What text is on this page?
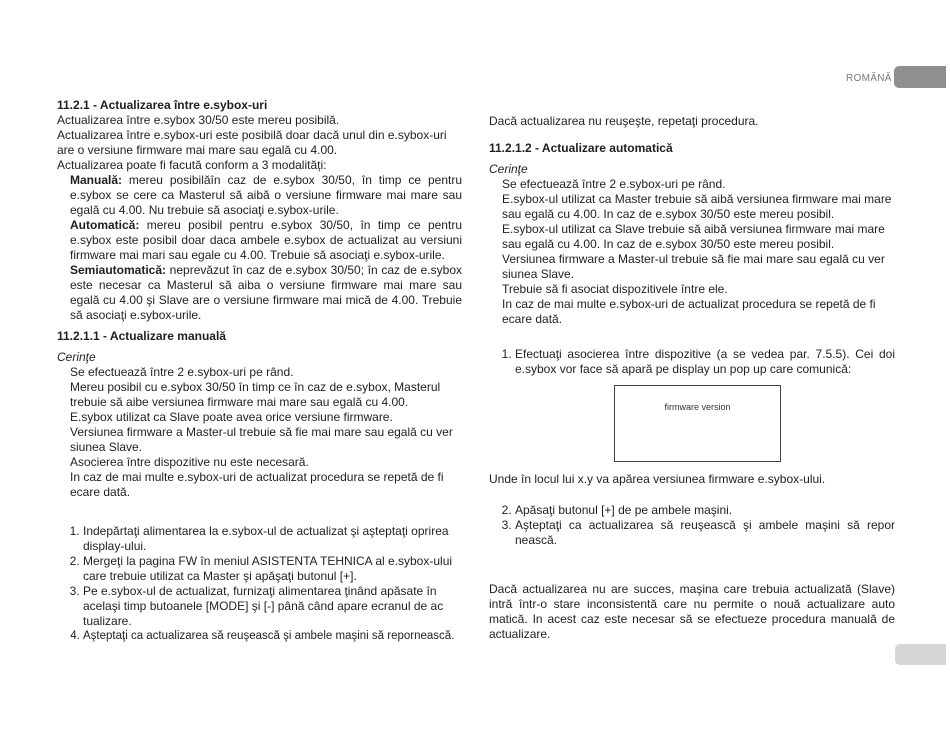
ROMÂNĂ
11.2.1 - Actualizarea între e.sybox-uri
Actualizarea între e.sybox 30/50 este mereu posibilă.
Actualizarea între e.sybox-uri este posibilă doar dacă unul din e.sybox-uri are o versiune firmware mai mare sau egală cu 4.00.
Actualizarea poate fi facută conform a 3 modalități:
Manuală: mereu posibilăîn caz de e.sybox 30/50, în timp ce pentru e.sybox se cere ca Masterul să aibă o versiune firmware mai mare sau egală cu 4.00. Nu trebuie să asociaţi e.sybox-urile.
Automatică: mereu posibil pentru e.sybox 30/50, în timp ce pentru e.sybox este posibil doar daca ambele e.sybox de actualizat au versiuni firmware mai mari sau egale cu 4.00. Trebuie să asociaţi e.sybox-urile.
Semiautomatică: neprevăzut în caz de e.sybox 30/50; în caz de e.sybox este necesar ca Masterul să aiba o versiune firmware mai mare sau egală cu 4.00 şi Slave are o versiune firmware mai mică de 4.00. Trebuie să asociaţi e.sybox-urile.
11.2.1.1 - Actualizare manuală
Cerinţe
Se efectuează între 2 e.sybox-uri pe rând.
Mereu posibil cu e.sybox 30/50 în timp ce în caz de e.sybox, Masterul trebuie să aibe versiunea firmware mai mare sau egală cu 4.00.
E.sybox utilizat ca Slave poate avea orice versiune firmware.
Versiunea firmware a Master-ul trebuie să fie mai mare sau egală cu ver siunea Slave.
Asocierea între dispozitive nu este necesară.
In caz de mai multe e.sybox-uri de actualizat procedura se repetă de fi ecare dată.
1. Indepărtaţi alimentarea la e.sybox-ul de actualizat şi aşteptaţi oprirea display-ului.
2. Mergeţi la pagina FW în meniul ASISTENTA TEHNICA al e.sybox-ului care trebuie utilizat ca Master şi apăşaţi butonul [+].
3. Pe e.sybox-ul de actualizat, furnizaţi alimentarea ţinând apăsate în acelaşi timp butoanele [MODE] şi [-] până când apare ecranul de ac tualizare.
4. Aşteptaţi ca actualizarea să reuşească şi ambele maşini să repornească.
Dacă actualizarea nu reuşeşte, repetaţi procedura.
11.2.1.2 - Actualizare automatică
Cerinţe
Se efectuează între 2 e.sybox-uri pe rând.
E.sybox-ul utilizat ca Master trebuie să aibă versiunea firmware mai mare sau egală cu 4.00. In caz de e.sybox 30/50 este mereu posibil.
E.sybox-ul utilizat ca Slave trebuie să aibă versiunea firmware mai mare sau egală cu 4.00. In caz de e.sybox 30/50 este mereu posibil.
Versiunea firmware a Master-ul trebuie să fie mai mare sau egală cu ver siunea Slave.
Trebuie să fi asociat dispozitivele între ele.
In caz de mai multe e.sybox-uri de actualizat procedura se repetă de fi ecare dată.
1. Efectuaţi asocierea între dispozitive (a se vedea par. 7.5.5). Cei doi e.sybox vor face să apară pe display un pop up care comunică:
Unde în locul lui x.y va apărea versiunea firmware e.sybox-ului.
2. Apăsaţi butonul [+] de pe ambele maşini.
3. Aşteptaţi ca actualizarea să reuşească şi ambele maşini să repor nească.
Dacă actualizarea nu are succes, maşina care trebuia actualizată (Slave) intră într-o stare inconsistentă care nu permite o nouă actualizare auto matică. In acest caz este necesar să se efectueze procedura manuală de actualizare.
firmware version
